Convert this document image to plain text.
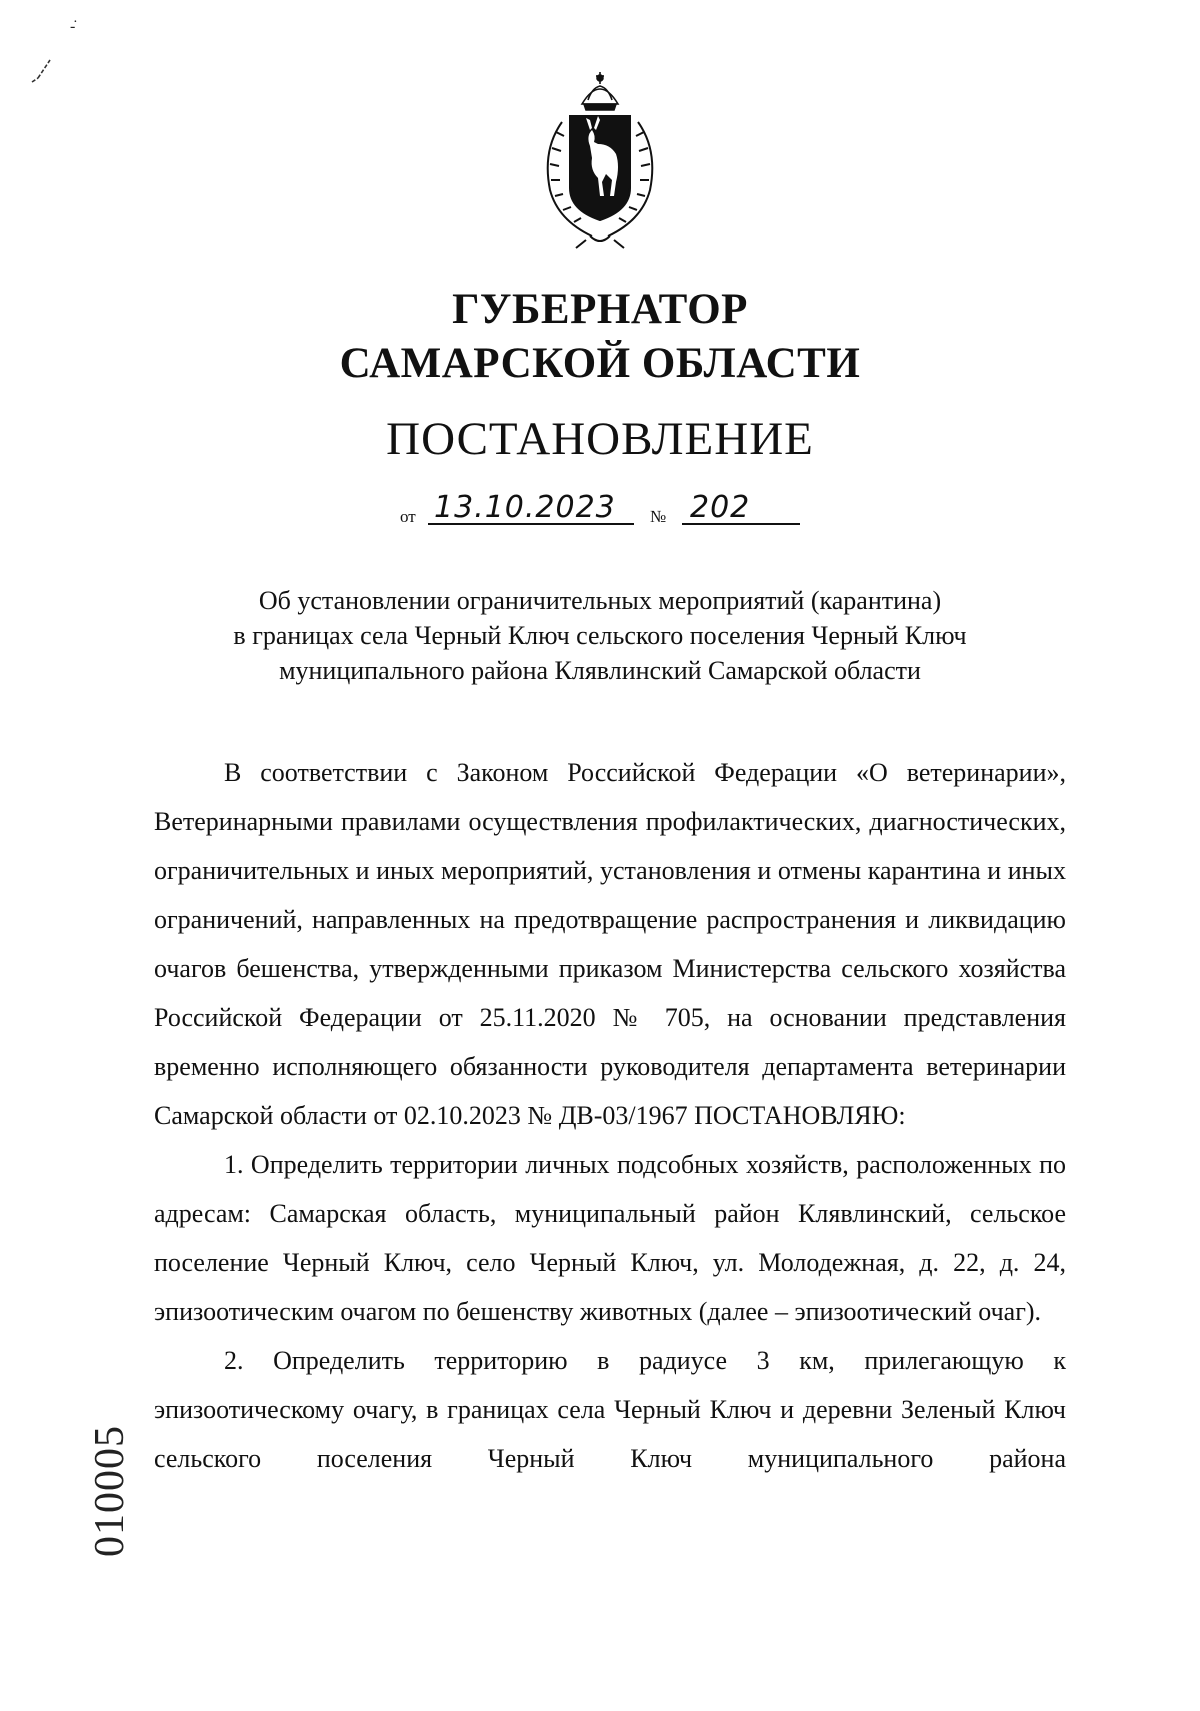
-̇
ГУБЕРНАТОР
САМАРСКОЙ ОБЛАСТИ
ПОСТАНОВЛЕНИЕ
от 13.10.2023 № 202
Об установлении ограничительных мероприятий (карантина)
в границах села Черный Ключ сельского поселения Черный Ключ
муниципального района Клявлинский Самарской области

В соответствии с Законом Российской Федерации «О ветеринарии», Ветеринарными правилами осуществления профилактических, диагностических, ограничительных и иных мероприятий, установления и отмены карантина и иных ограничений, направленных на предотвращение распространения и ликвидацию очагов бешенства, утвержденными приказом Министерства сельского хозяйства Российской Федерации от 25.11.2020 № 705, на основании представления временно исполняющего обязанности руководителя департамента ветеринарии Самарской области от 02.10.2023 № ДВ-03/1967 ПОСТАНОВЛЯЮ:

1. Определить территории личных подсобных хозяйств, расположенных по адресам: Самарская область, муниципальный район Клявлинский, сельское поселение Черный Ключ, село Черный Ключ, ул. Молодежная, д. 22, д. 24, эпизоотическим очагом по бешенству животных (далее – эпизоотический очаг).

2. Определить территорию в радиусе 3 км, прилегающую к эпизоотическому очагу, в границах села Черный Ключ и деревни Зеленый Ключ сельского поселения Черный Ключ муниципального района

010005
